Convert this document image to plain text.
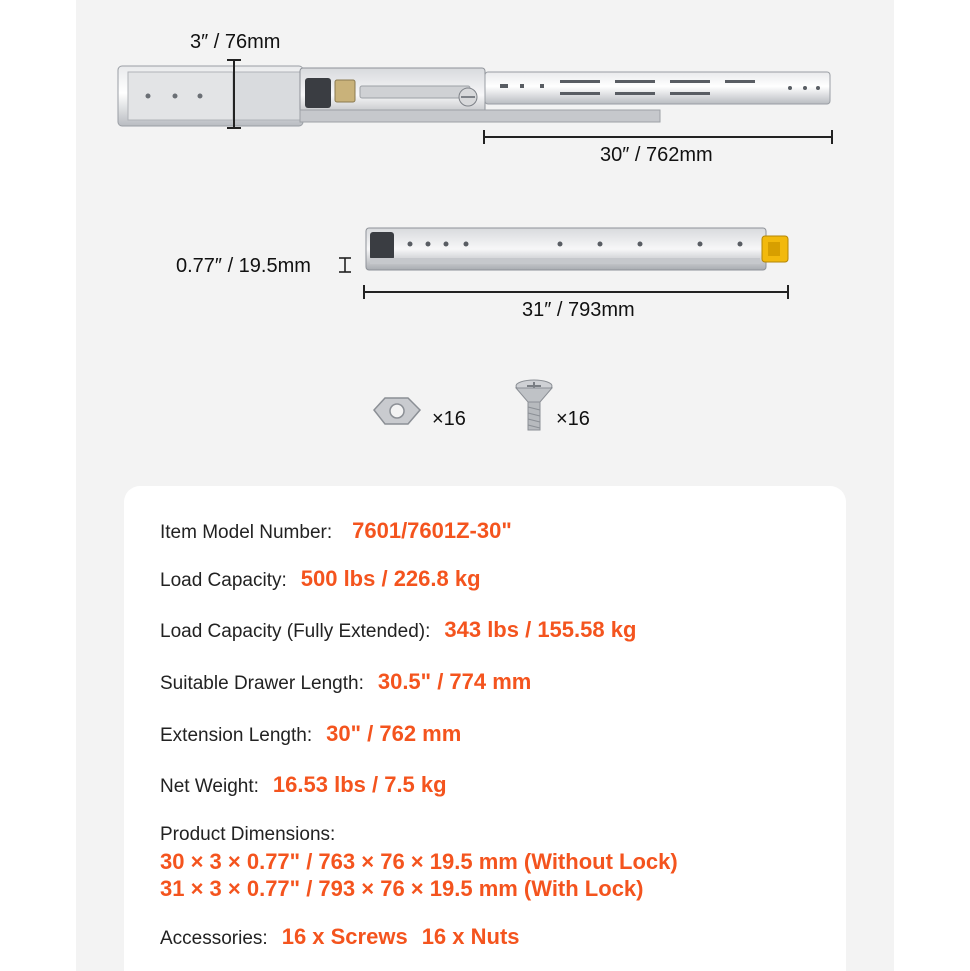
3″ / 76mm
30″ / 762mm
0.77″ / 19.5mm
31″ / 793mm
×16	×16
Item Model Number: 7601/7601Z-30"
Load Capacity: 500 lbs / 226.8 kg
Load Capacity (Fully Extended): 343 lbs / 155.58 kg
Suitable Drawer Length: 30.5" / 774 mm
Extension Length: 30" / 762 mm
Net Weight: 16.53 lbs / 7.5 kg
Product Dimensions:
30 × 3 × 0.77" / 763 × 76 × 19.5 mm (Without Lock)
31 × 3 × 0.77" / 793 × 76 × 19.5 mm (With Lock)
Accessories: 16 x Screws 16 x Nuts
